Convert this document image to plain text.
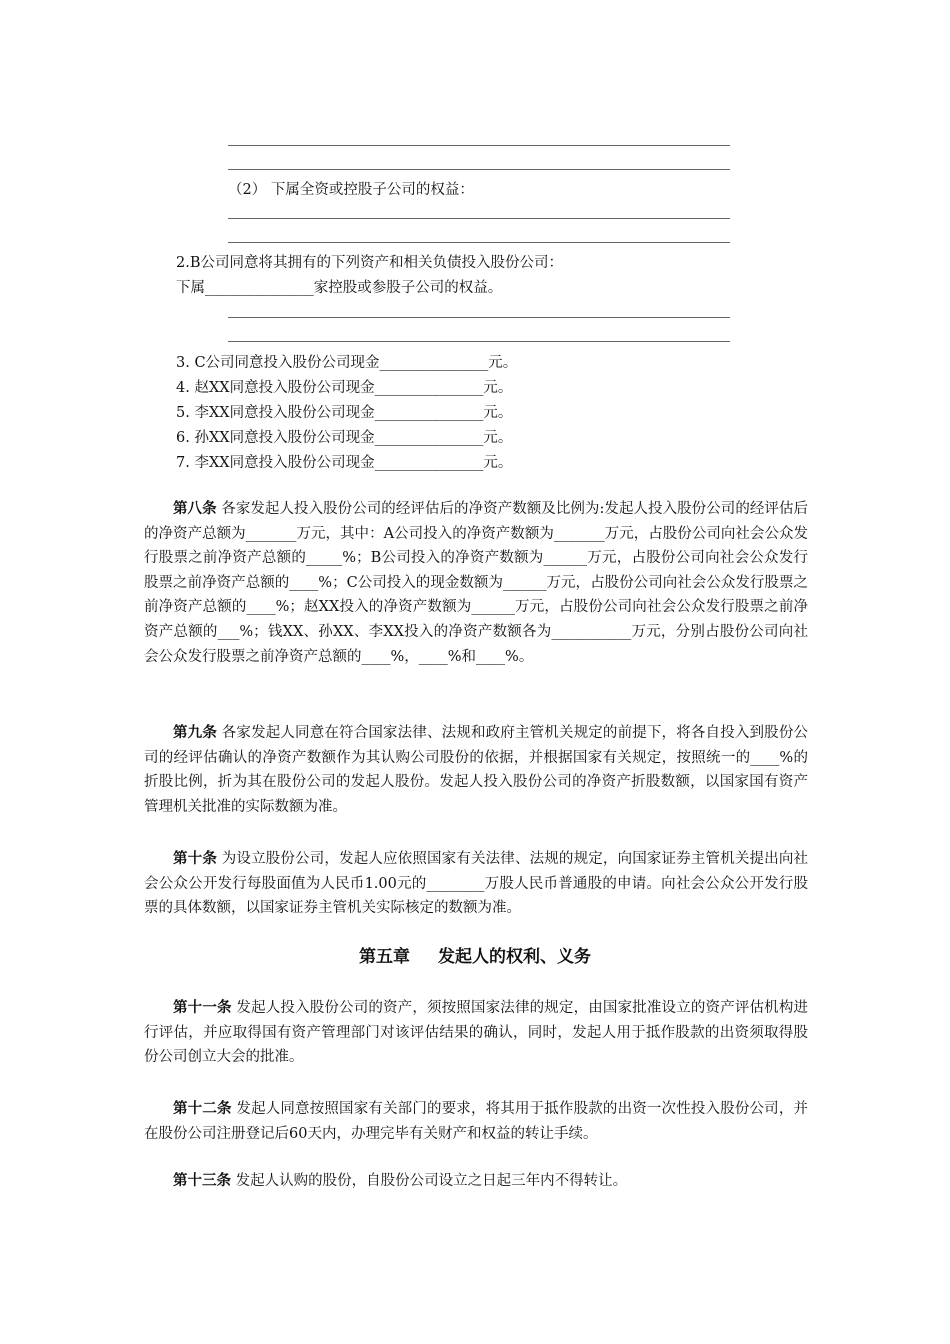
（2） 下属全资或控股子公司的权益：
2.B公司同意将其拥有的下列资产和相关负债投入股份公司：
下属_______________家控股或参股子公司的权益。
3. C公司同意投入股份公司现金_______________元。
4. 赵XX同意投入股份公司现金_______________元。
5. 李XX同意投入股份公司现金_______________元。
6. 孙XX同意投入股份公司现金_______________元。
7. 李XX同意投入股份公司现金_______________元。
第八条 各家发起人投入股份公司的经评估后的净资产数额及比例为:发起人投入股份公司的经评估后的净资产总额为_______万元，其中：A公司投入的净资产数额为_______万元，占股份公司向社会公众发行股票之前净资产总额的_____%；B公司投入的净资产数额为______万元，占股份公司向社会公众发行股票之前净资产总额的____%；C公司投入的现金数额为______万元，占股份公司向社会公众发行股票之前净资产总额的____%；赵XX投入的净资产数额为______万元，占股份公司向社会公众发行股票之前净资产总额的___%；钱XX、孙XX、李XX投入的净资产数额各为___________万元，分别占股份公司向社会公众发行股票之前净资产总额的____%，____%和____%。
第九条 各家发起人同意在符合国家法律、法规和政府主管机关规定的前提下，将各自投入到股份公司的经评估确认的净资产数额作为其认购公司股份的依据，并根据国家有关规定，按照统一的____%的折股比例，折为其在股份公司的发起人股份。发起人投入股份公司的净资产折股数额，以国家国有资产管理机关批准的实际数额为准。
第十条 为设立股份公司，发起人应依照国家有关法律、法规的规定，向国家证券主管机关提出向社会公众公开发行每股面值为人民币1.00元的________万股人民币普通股的申请。向社会公众公开发行股票的具体数额，以国家证券主管机关实际核定的数额为准。
第五章 发起人的权利、义务
第十一条 发起人投入股份公司的资产，须按照国家法律的规定，由国家批准设立的资产评估机构进行评估，并应取得国有资产管理部门对该评估结果的确认，同时，发起人用于抵作股款的出资须取得股份公司创立大会的批准。
第十二条 发起人同意按照国家有关部门的要求，将其用于抵作股款的出资一次性投入股份公司，并在股份公司注册登记后60天内，办理完毕有关财产和权益的转让手续。
第十三条 发起人认购的股份，自股份公司设立之日起三年内不得转让。
